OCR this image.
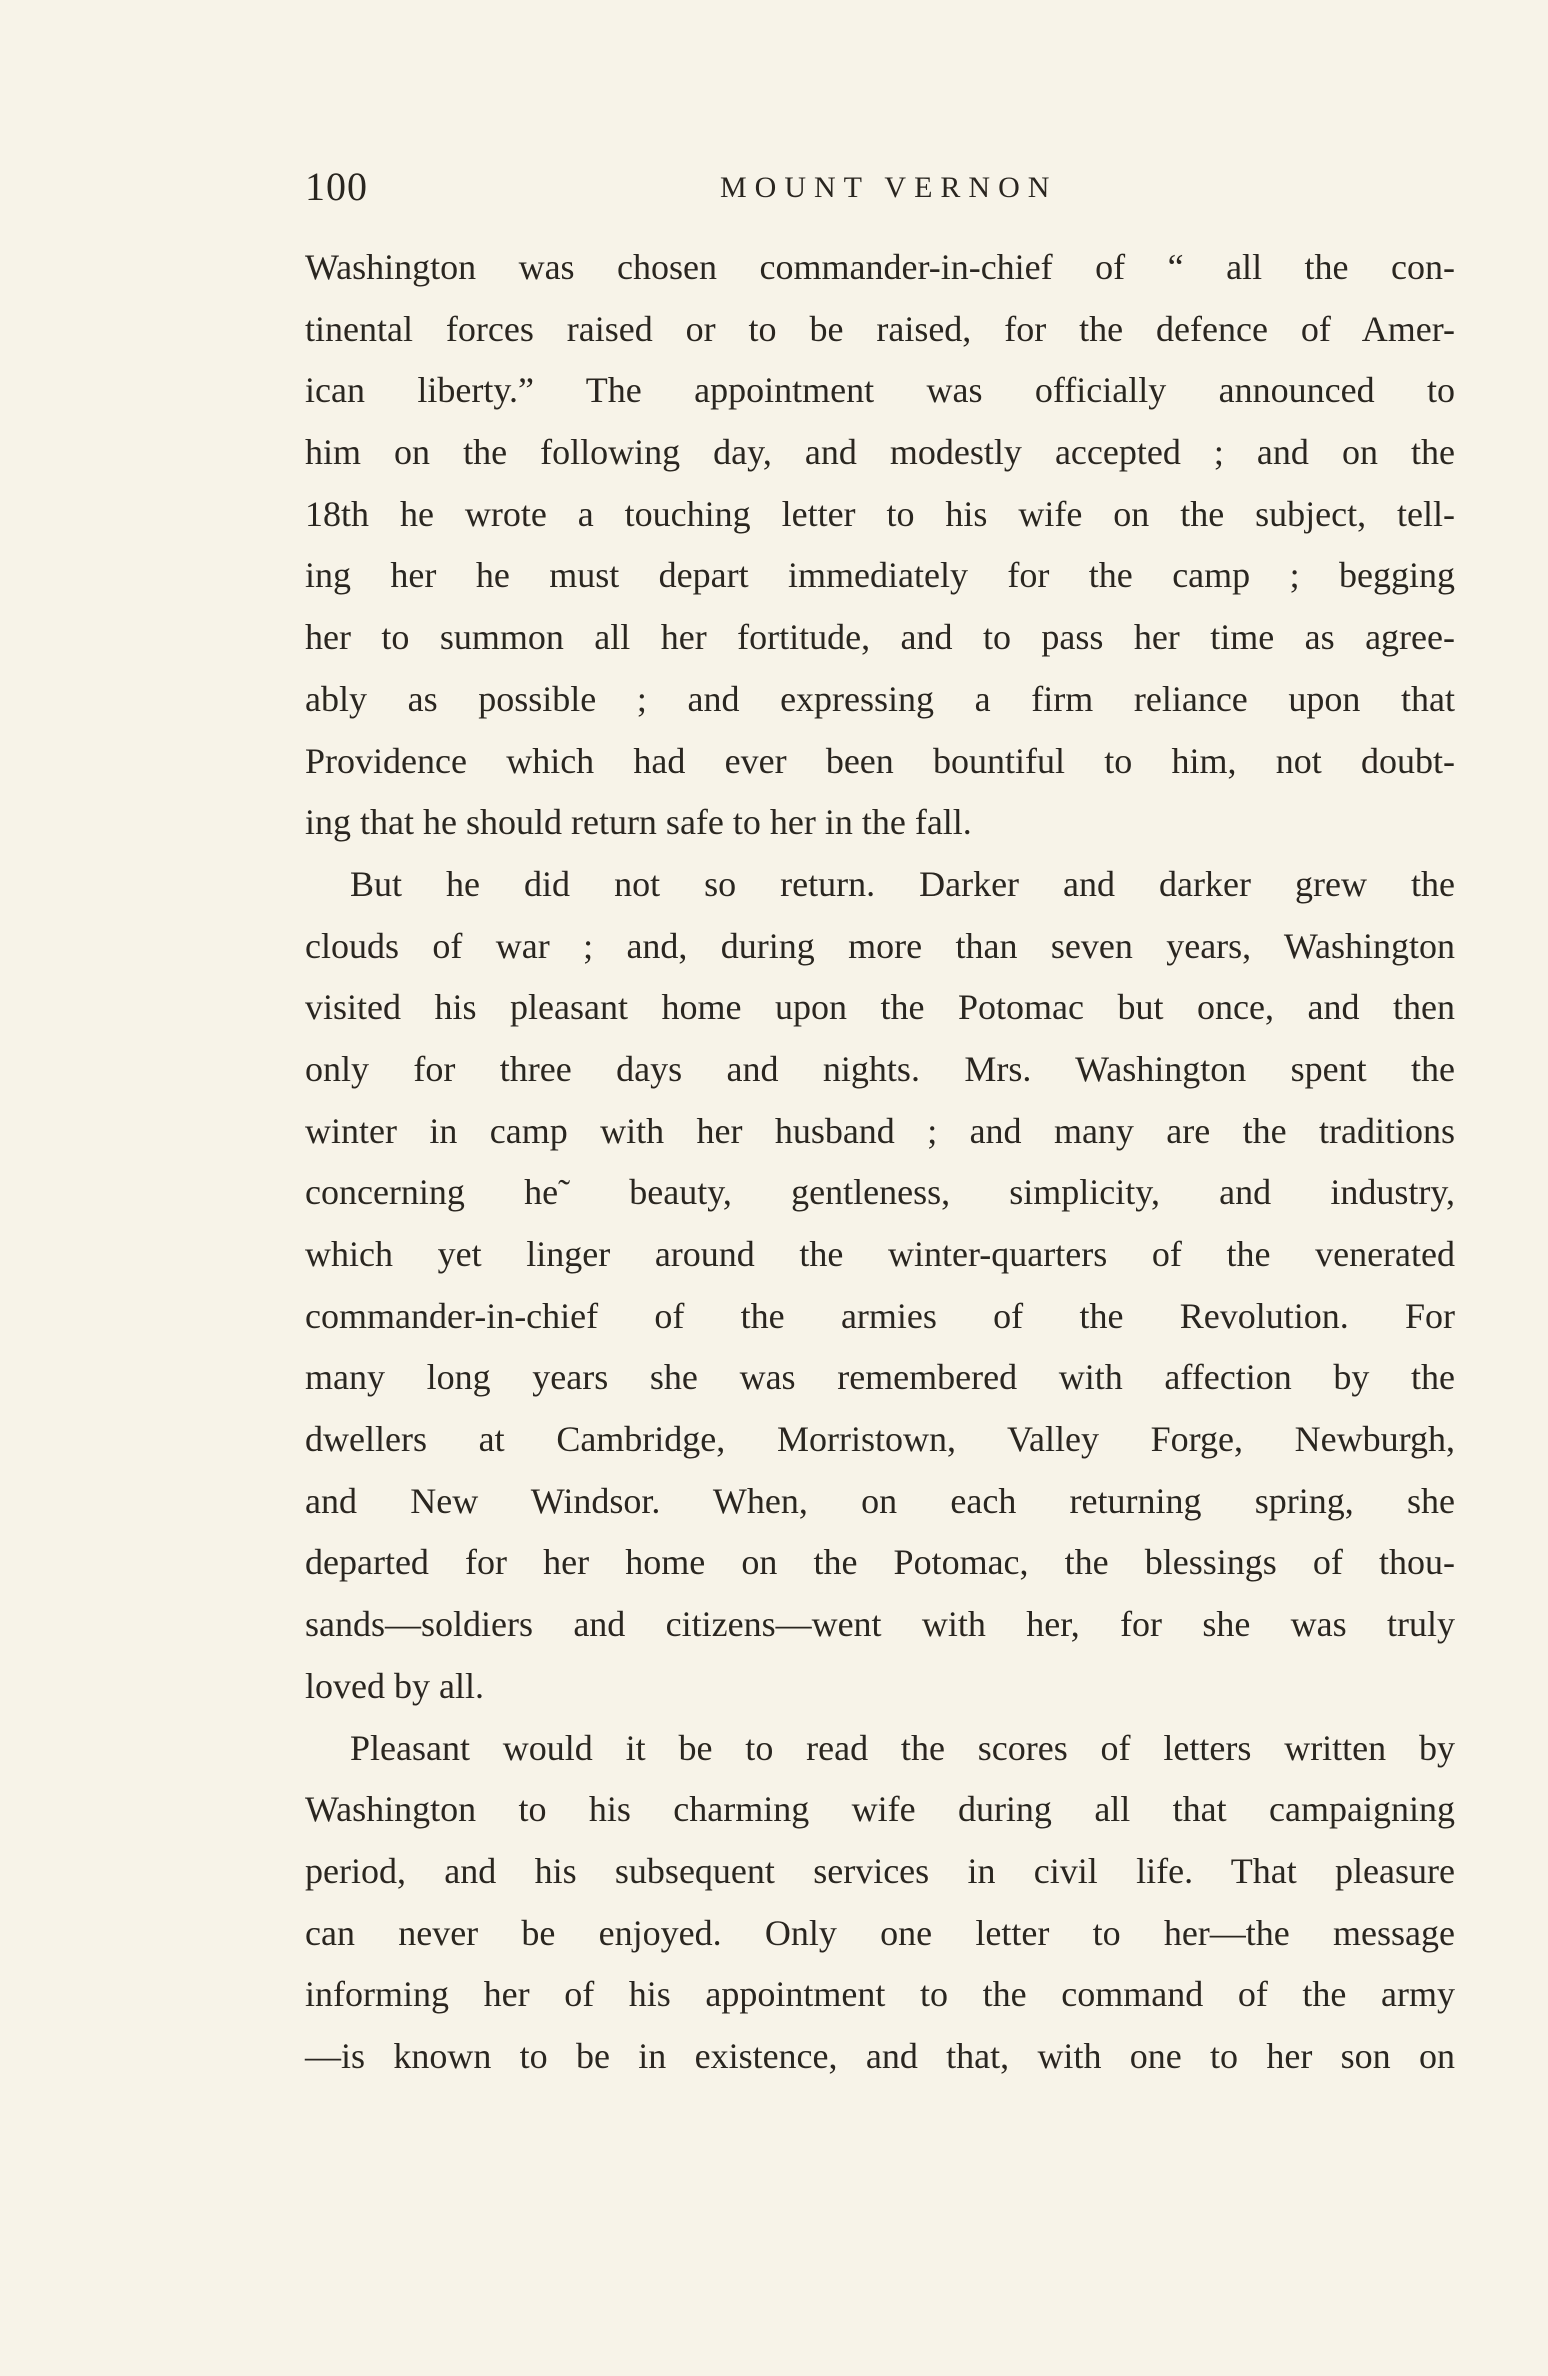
100	MOUNT VERNON
Washington was chosen commander-in-chief of “ all the con-
tinental forces raised or to be raised, for the defence of Amer-
ican liberty.” The appointment was officially announced to
him on the following day, and modestly accepted ; and on the
18th he wrote a touching letter to his wife on the subject, tell-
ing her he must depart immediately for the camp ; begging
her to summon all her fortitude, and to pass her time as agree-
ably as possible ; and expressing a firm reliance upon that
Providence which had ever been bountiful to him, not doubt-
ing that he should return safe to her in the fall.
But he did not so return. Darker and darker grew the
clouds of war ; and, during more than seven years, Washington
visited his pleasant home upon the Potomac but once, and then
only for three days and nights. Mrs. Washington spent the
winter in camp with her husband ; and many are the traditions
concerning he˜ beauty, gentleness, simplicity, and industry,
which yet linger around the winter-quarters of the venerated
commander-in-chief of the armies of the Revolution. For
many long years she was remembered with affection by the
dwellers at Cambridge, Morristown, Valley Forge, Newburgh,
and New Windsor. When, on each returning spring, she
departed for her home on the Potomac, the blessings of thou-
sands—soldiers and citizens—went with her, for she was truly
loved by all.
Pleasant would it be to read the scores of letters written by
Washington to his charming wife during all that campaigning
period, and his subsequent services in civil life. That pleasure
can never be enjoyed. Only one letter to her—the message
informing her of his appointment to the command of the army
—is known to be in existence, and that, with one to her son on
